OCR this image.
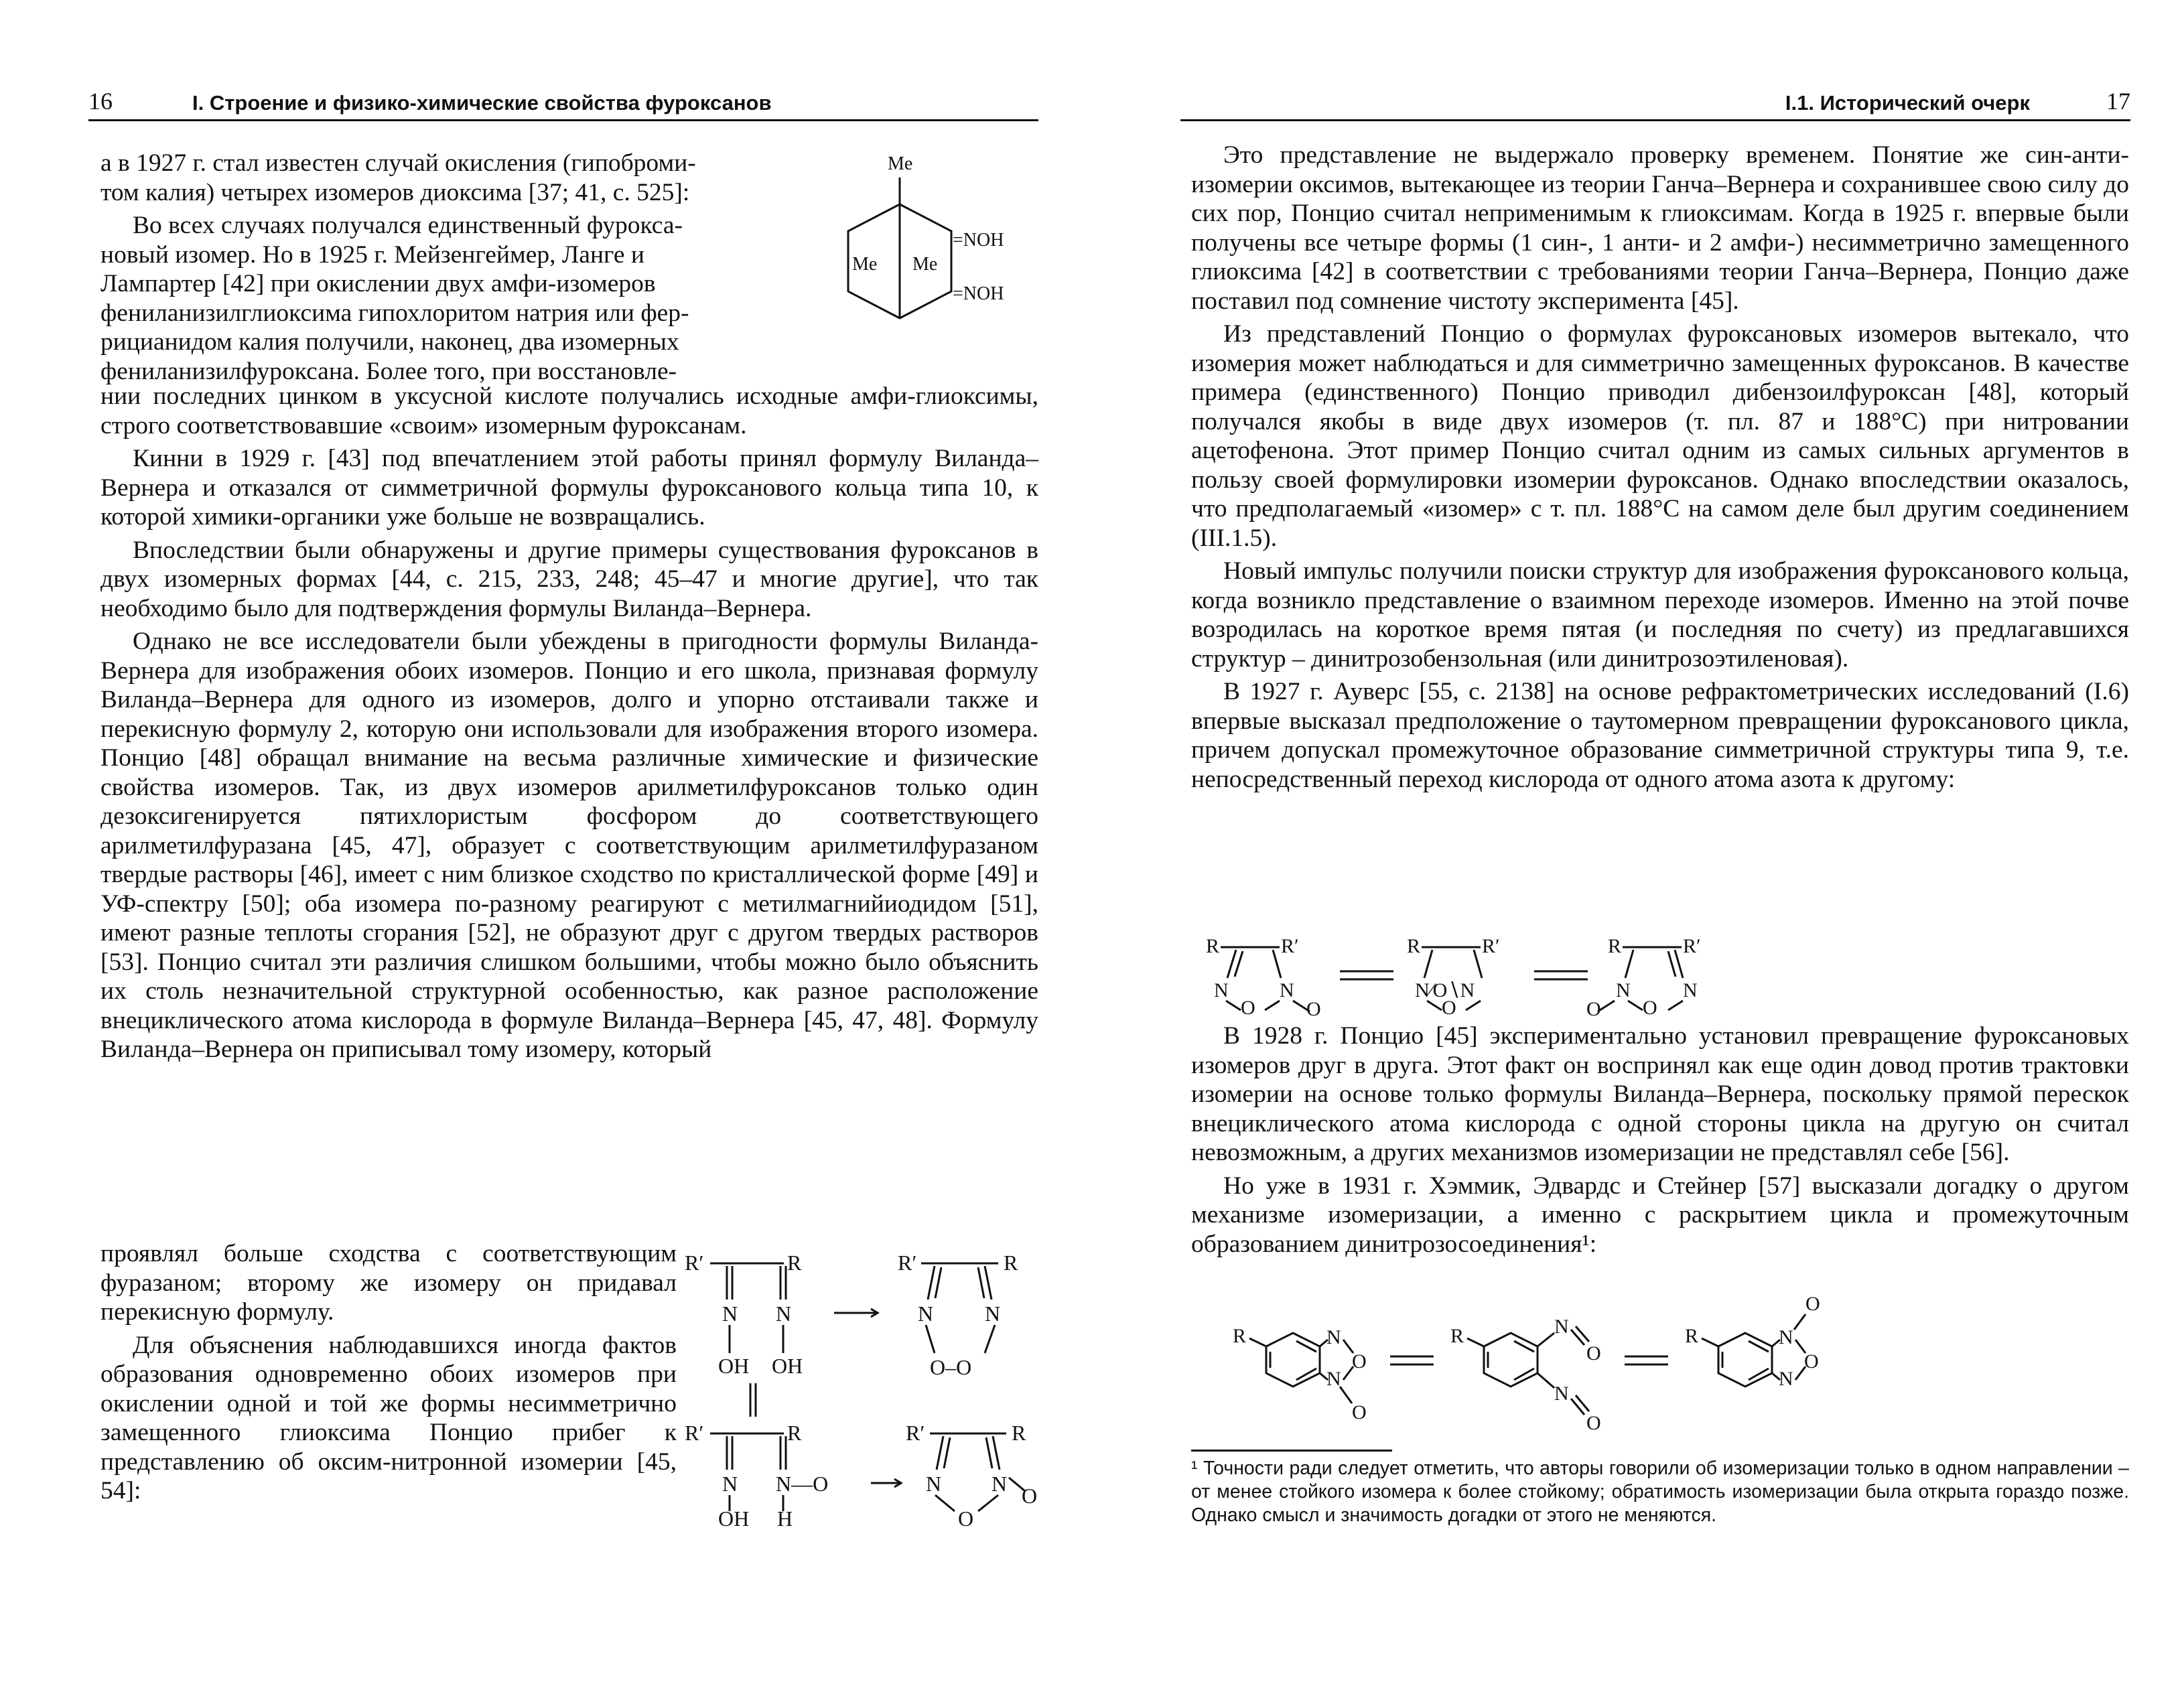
16	I. Строение и физико-химические свойства фуроксанов
а в 1927 г. стал известен случай окисления (гипоброми-
том калия) четырех изомеров диоксима [37; 41, с. 525]:
Во всех случаях получался единственный фурокса-
новый изомер. Но в 1925 г. Мейзенгеймер, Ланге и
Лампартер [42] при окислении двух амфи-изомеров
фениланизилглиоксима гипохлоритом натрия или фер-
рицианидом калия получили, наконец, два изомерных
фениланизилфуроксана. Более того, при восстановле-
Me
Me Me
=NOH
=NOH

нии последних цинком в уксусной кислоте получались исходные амфи-глиоксимы, строго соответствовавшие «своим» изомерным фуроксанам.

Кинни в 1929 г. [43] под впечатлением этой работы принял формулу Виланда–Вернера и отказался от симметричной формулы фуроксанового кольца типа 10, к которой химики-органики уже больше не возвращались.

Впоследствии были обнаружены и другие примеры существования фуроксанов в двух изомерных формах [44, с. 215, 233, 248; 45–47 и многие другие], что так необходимо было для подтверждения формулы Виланда–Вернера.

Однако не все исследователи были убеждены в пригодности формулы Виланда-Вернера для изображения обоих изомеров. Понцио и его школа, признавая формулу Виланда–Вернера для одного из изомеров, долго и упорно отстаивали также и перекисную формулу 2, которую они использовали для изображения второго изомера. Понцио [48] обращал внимание на весьма различные химические и физические свойства изомеров. Так, из двух изомеров арилметилфуроксанов только один дезоксигенируется пятихлористым фосфором до соответствующего арилметилфуразана [45, 47], образует с соответствующим арилметилфуразаном твердые растворы [46], имеет с ним близкое сходство по кристаллической форме [49] и УФ-спектру [50]; оба изомера по-разному реагируют с метилмагнийиодидом [51], имеют разные теплоты сгорания [52], не образуют друг с другом твердых растворов [53]. Понцио считал эти различия слишком большими, чтобы можно было объяснить их столь незначительной структурной особенностью, как разное расположение внециклического атома кислорода в формуле Виланда–Вернера [45, 47, 48]. Формулу Виланда–Вернера он приписывал тому изомеру, который

проявлял больше сходства с соответствующим фуразаном; второму же изомеру он придавал перекисную формулу.

Для объяснения наблюдавшихся иногда фактов образования одновременно обоих изомеров при окислении одной и той же формы несимметрично замещенного глиоксима Понцио прибег к представлению об оксим-нитронной изомерии [45, 54]:

R′	R
N N
OH OH
R′	R
N N
O–O
R′	R
N N—O
OH H
R′	R
N N O
O
I.1. Исторический очерк	17

Это представление не выдержало проверку временем. Понятие же син-анти-изомерии оксимов, вытекающее из теории Ганча–Вернера и сохранившее свою силу до сих пор, Понцио считал неприменимым к глиоксимам. Когда в 1925 г. впервые были получены все четыре формы (1 син-, 1 анти- и 2 амфи-) несимметрично замещенного глиоксима [42] в соответствии с требованиями теории Ганча–Вернера, Понцио даже поставил под сомнение чистоту эксперимента [45].

Из представлений Понцио о формулах фуроксановых изомеров вытекало, что изомерия может наблюдаться и для симметрично замещенных фуроксанов. В качестве примера (единственного) Понцио приводил дибензоилфуроксан [48], который получался якобы в виде двух изомеров (т. пл. 87 и 188°С) при нитровании ацетофенона. Этот пример Понцио считал одним из самых сильных аргументов в пользу своей формулировки изомерии фуроксанов. Однако впоследствии оказалось, что предполагаемый «изомер» с т. пл. 188°С на самом деле был другим соединением (III.1.5).

Новый импульс получили поиски структур для изображения фуроксанового кольца, когда возникло представление о взаимном переходе изомеров. Именно на этой почве возродилась на короткое время пятая (и последняя по счету) из предлагавшихся структур – динитрозобензольная (или динитрозоэтиленовая).

В 1927 г. Ауверс [55, с. 2138] на основе рефрактометрических исследований (I.6) впервые высказал предположение о таутомерном превращении фуроксанового цикла, причем допускал промежуточное образование симметричной структуры типа 9, т.е. непосредственный переход кислорода от одного атома азота к другому:

R	R′
N	N
O	O
R	R′
N∕O∖N
O
R	R′
N	N
O O

В 1928 г. Понцио [45] экспериментально установил превращение фуроксановых изомеров друг в друга. Этот факт он воспринял как еще один довод против трактовки изомерии на основе только формулы Виланда–Вернера, поскольку прямой перескок внециклического атома кислорода с одной стороны цикла на другую он считал невозможным, а других механизмов изомеризации не представлял себе [56].

Но уже в 1931 г. Хэммик, Эдвардс и Стейнер [57] высказали догадку о другом механизме изомеризации, а именно с раскрытием цикла и промежуточным образованием динитрозосоединения¹:

R	N
N
O
O
R	N
O
N
O
R	N
N
O
O
¹ Точности ради следует отметить, что авторы говорили об изомеризации только в одном направлении – от менее стойкого изомера к более стойкому; обратимость изомеризации была открыта гораздо позже. Однако смысл и значимость догадки от этого не меняются.
